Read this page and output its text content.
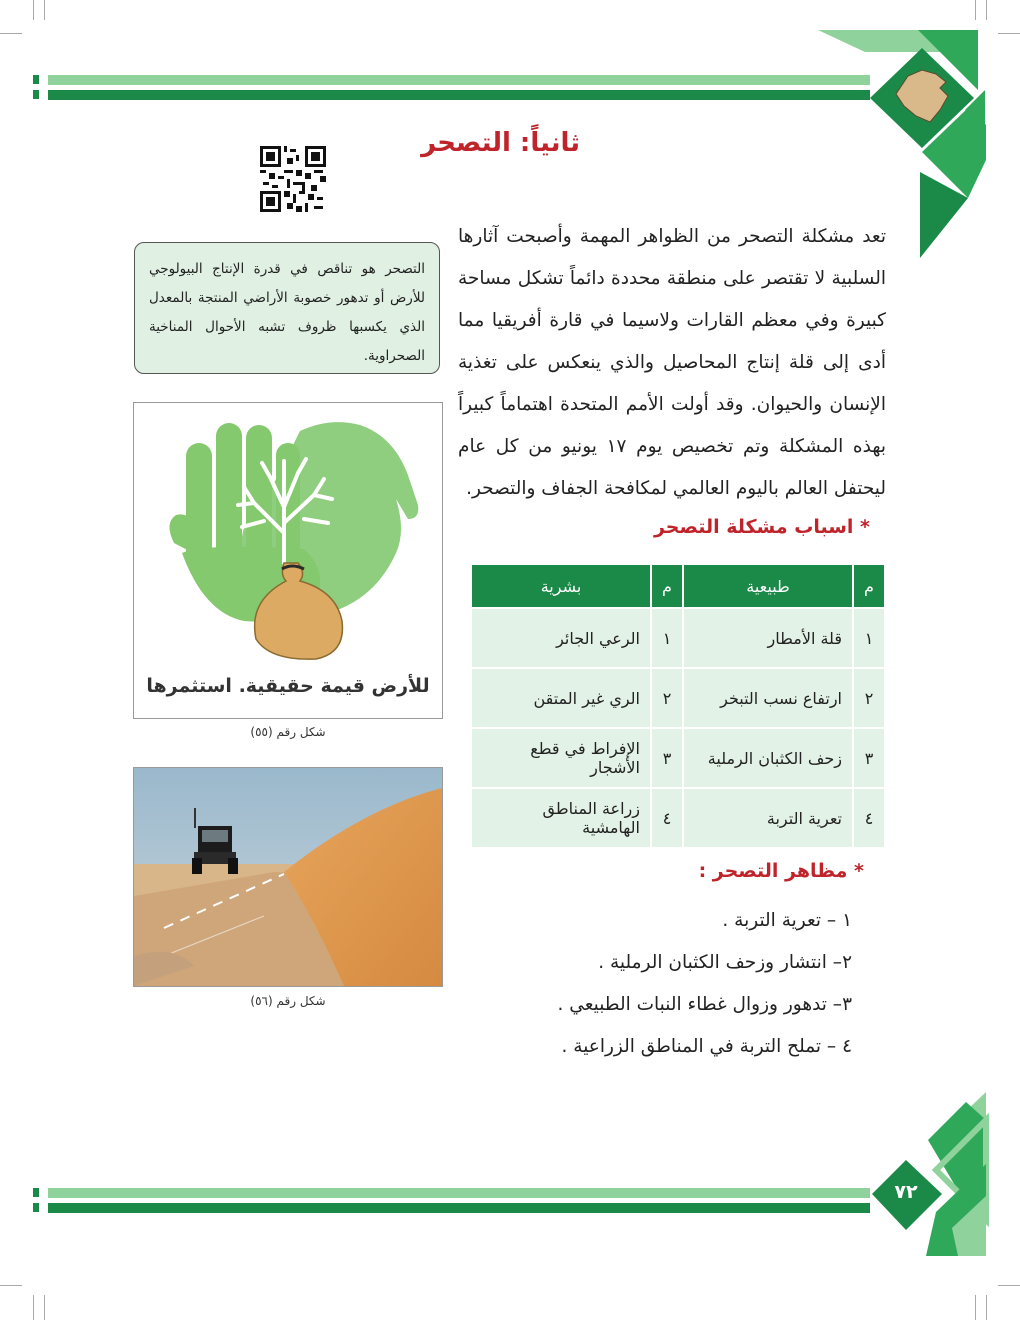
ثانياً: التصحر
التصحر هو تناقص في قدرة الإنتاج البيولوجي للأرض أو تدهور خصوبة الأراضي المنتجة بالمعدل الذي يكسبها ظروف تشبه الأحوال المناخية الصحراوية.
تعد مشكلة التصحر من الظواهر المهمة وأصبحت آثارها السلبية لا تقتصر على منطقة محددة دائماً تشكل مساحة كبيرة وفي معظم القارات ولاسيما في قارة أفريقيا مما أدى إلى قلة إنتاج المحاصيل والذي ينعكس على تغذية الإنسان والحيوان. وقد أولت الأمم المتحدة اهتماماً كبيراً بهذه المشكلة وتم تخصيص يوم ١٧ يونيو من كل عام ليحتفل العالم باليوم العالمي لمكافحة الجفاف والتصحر.
* اسباب مشكلة التصحر
م	طبيعية	م	بشرية
١	قلة الأمطار	١	الرعي الجائر
٢	ارتفاع نسب التبخر	٢	الري غير المتقن
٣	زحف الكثبان الرملية	٣	الإفراط في قطع الأشجار
٤	تعرية التربة	٤	زراعة المناطق الهامشية
* مظاهر التصحر :
١ – تعرية التربة .
٢– انتشار وزحف الكثبان الرملية .
٣– تدهور وزوال غطاء النبات الطبيعي .
٤ – تملح التربة في المناطق الزراعية .
للأرض قيمة حقيقية. استثمرها
شكل رقم (٥٥)
شكل رقم (٥٦)
٧٢
